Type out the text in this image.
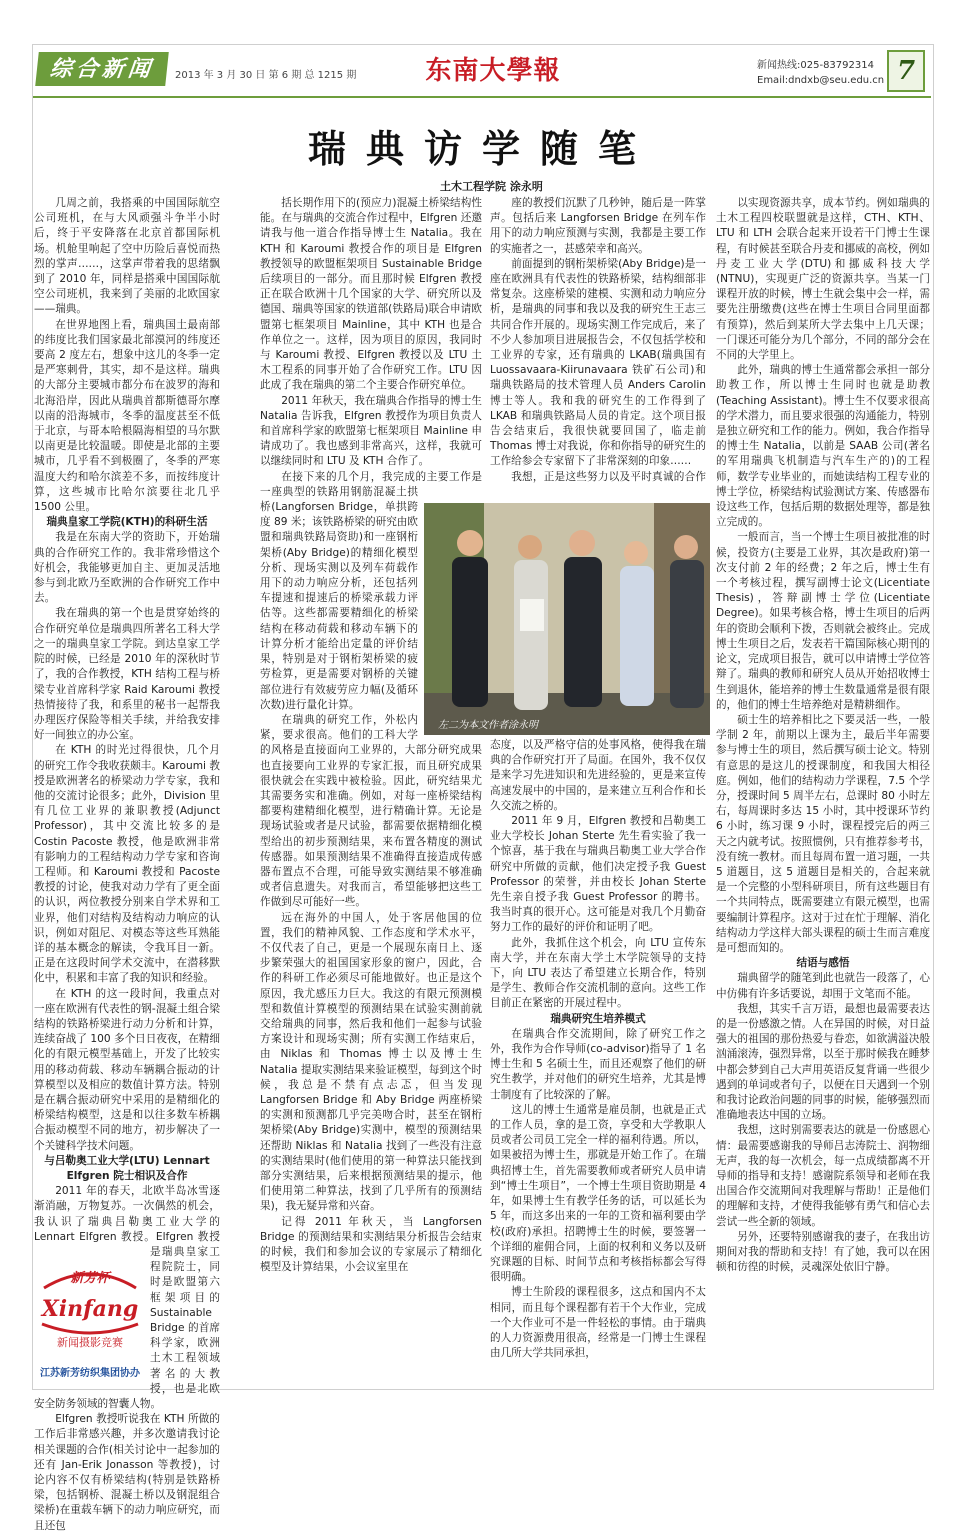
综合新闻	2013 年 3 月 30 日 第 6 期 总 1215 期	东南大學報	新闻热线:025-83792314
Email:dndxb@seu.edu.cn 7
瑞典访学随笔
土木工程学院 涂永明

几周之前，我搭乘的中国国际航空公司班机，在与大风顽强斗争半小时后，终于平安降落在北京首都国际机场。机舱里响起了空中历险后喜悦而热烈的掌声……，这掌声带着我的思绪飘到了 2010 年，同样是搭乘中国国际航空公司班机，我来到了美丽的北欧国家——瑞典。

在世界地图上看，瑞典国土最南部的纬度比我们国家最北部漠河的纬度还要高 2 度左右，想象中这儿的冬季一定是严寒刺骨，其实，却不是这样。瑞典的大部分主要城市都分布在波罗的海和北海沿岸，因此从瑞典首都斯德哥尔摩以南的沿海城市，冬季的温度甚至不低于北京，与哥本哈根隔海相望的马尔默以南更是比较温暖。即使是北部的主要城市，几乎看不到极圈了，冬季的严寒温度大约和哈尔滨差不多，而按纬度计算，这些城市比哈尔滨要往北几乎 1500 公里。

瑞典皇家工学院(KTH)的科研生活

我是在东南大学的资助下，开始瑞典的合作研究工作的。我非常珍惜这个好机会，我能够更加自主、更加灵活地参与到北欧乃至欧洲的合作研究工作中去。

我在瑞典的第一个也是贯穿始终的合作研究单位是瑞典四所著名工科大学之一的瑞典皇家工学院。到达皇家工学院的时候，已经是 2010 年的深秋时节了，我的合作教授，KTH 结构工程与桥梁专业首席科学家 Raid Karoumi 教授热情接待了我，和系里的秘书一起帮我办理医疗保险等相关手续，并给我安排好一间独立的办公室。

在 KTH 的时光过得很快，几个月的研究工作令我收获颇丰。Karoumi 教授是欧洲著名的桥梁动力学专家，我和他的交流讨论很多；此外，Division 里有几位工业界的兼职教授(Adjunct Professor)，其中交流比较多的是 Costin Pacoste 教授，他是欧洲非常有影响力的工程结构动力学专家和咨询工程师。和 Karoumi 教授和 Pacoste 教授的讨论，使我对动力学有了更全面的认识，两位教授分别来自学术界和工业界，他们对结构及结构动力响应的认识，例如对阻尼、对模态等这些耳熟能详的基本概念的解读，令我耳目一新。正是在这段时间学术交流中，在潜移默化中，积累和丰富了我的知识和经验。

在 KTH 的这一段时间，我重点对一座在欧洲有代表性的钢-混凝土组合梁结构的铁路桥梁进行动力分析和计算，连续奋战了 100 多个日日夜夜，在精细化的有限元模型基础上，开发了比较实用的移动荷载、移动车辆耦合振动的计算模型以及相应的数值计算方法。特别是在耦合振动研究中采用的是精细化的桥梁结构模型，这是和以往多数车桥耦合振动模型不同的地方，初步解决了一个关键科学技术问题。

与吕勒奥工业大学(LTU) Lennart Elfgren 院士相识及合作

2011 年的春天，北欧半岛冰雪逐渐消融，万物复苏。一次偶然的机会，我认识了瑞典吕勒奥工业大学的 Lennart Elfgren 教授。Elfgren 教授是瑞典皇家工程院院士，同时是欧盟第六框架项目的 Sustainable Bridge 的首席科学家，欧洲土木工程领域著名的大教授，也是北欧安全防务领域的智囊人物。

Elfgren 教授听说我在 KTH 所做的工作后非常感兴趣，并多次邀请我讨论相关课题的合作(相关讨论中一起参加的还有 Jan-Erik Jonasson 等教授)，讨论内容不仅有桥梁结构(特别是铁路桥梁，包括钢桥、混凝土桥以及钢混组合梁桥)在重载车辆下的动力响应研究，而且还包

括长期作用下的(预应力)混凝土桥梁结构性能。在与瑞典的交流合作过程中，Elfgren 还邀请我与他一道合作指导博士生 Natalia。我在 KTH 和 Karoumi 教授合作的项目是 Elfgren 教授领导的欧盟框架项目 Sustainable Bridge 后续项目的一部分。而且那时候 Elfgren 教授正在联合欧洲十几个国家的大学、研究所以及德国、瑞典等国家的铁道部(铁路局)联合申请欧盟第七框架项目 Mainline，其中 KTH 也是合作单位之一。这样，因为项目的原因，我同时与 Karoumi 教授、Elfgren 教授以及 LTU 土木工程系的同事开始了合作研究工作。LTU 因此成了我在瑞典的第二个主要合作研究单位。

2011 年秋天，我在瑞典合作指导的博士生 Natalia 告诉我，Elfgren 教授作为项目负责人和首席科学家的欧盟第七框架项目 Mainline 申请成功了。我也感到非常高兴，这样，我就可以继续同时和 LTU 及 KTH 合作了。

在接下来的几个月，我完成的主要工作是一座典型的铁路用钢筋混凝土拱桥(Langforsen Bridge，单拱跨度 89 米；该铁路桥梁的研究由欧盟和瑞典铁路局资助)和一座钢桁架桥(Aby Bridge)的精细化模型分析、现场实测以及列车荷载作用下的动力响应分析，还包括列车提速和提速后的桥梁承载力评估等。这些都需要精细化的桥梁结构在移动荷载和移动车辆下的计算分析才能给出定量的评价结果，特别是对于钢桁架桥梁的疲劳检算，更是需要对钢桥的关键部位进行有效疲劳应力幅(及循环次数)进行量化计算。

在瑞典的研究工作，外松内紧，要求很高。他们的工科大学的风格是直接面向工业界的，大部分研究成果也直接要向工业界的专家汇报，而且研究成果很快就会在实践中被检验。因此，研究结果尤其需要务实和准确。例如，对每一座桥梁结构都要构建精细化模型，进行精确计算。无论是现场试验或者是尺试验，都需要依据精细化模型给出的初步预测结果，来布置各精度的测试传感器。如果预测结果不准确得直接造成传感器布置点不合理，可能导致实测结果不够准确或者信息遗失。对我而言，希望能够把这些工作做到尽可能好一些。

远在海外的中国人，处于客居他国的位置，我们的精神风貌、工作态度和学术水平，不仅代表了自己，更是一个展现东南日上、逐步繁荣强大的祖国国家形象的窗户，因此，合作的科研工作必须尽可能地做好。也正是这个原因，我尤感压力巨大。我这的有限元预测模型和数值计算模型的预测结果在试验实测前就交给瑞典的同事，然后我和他们一起参与试验方案设计和现场实测；所有实测工作结束后，由 Niklas 和 Thomas 博士以及博士生 Natalia 提取实测结果来验证模型，每到这个时候，我总是不禁有点忐忑，但当发现 Langforsen Bridge 和 Aby Bridge 两座桥梁的实测和预测都几乎完美吻合时，甚至在钢桁架桥梁(Aby Bridge)实测中，模型的预测结果还帮助 Niklas 和 Natalia 找到了一些没有注意的实测结果时(他们使用的第一种算法只能找到部分实测结果，后来根据预测结果的提示，他们使用第二种算法，找到了几乎所有的预测结果)，我无疑异常和兴奋。

记得 2011 年秋天，当 Langforsen Bridge 的预测结果和实测结果分析报告会结束的时候，我们和参加会议的专家展示了精细化模型及计算结果，小会议室里在

座的教授们沉默了几秒钟，随后是一阵掌声。包括后来 Langforsen Bridge 在列车作用下的动力响应预测与实测，我都是主要工作的实施者之一，甚感荣幸和高兴。

前面提到的钢桁架桥梁(Aby Bridge)是一座在欧洲具有代表性的铁路桥梁，结构细部非常复杂。这座桥梁的建模、实测和动力响应分析，是瑞典的同事和我以及我的研究生王志三共同合作开展的。现场实测工作完成后，来了不少人参加项目进展报告会，不仅包括学校和工业界的专家，还有瑞典的 LKAB(瑞典国有 Luossavaara-Kiirunavaara 铁矿石公司)和瑞典铁路局的技术管理人员 Anders Carolin 博士等人。我和我的研究生的工作得到了 LKAB 和瑞典铁路局人员的肯定。这个项目报告会结束后，我很快就要回国了，临走前 Thomas 博士对我说，你和你指导的研究生的工作给参会专家留下了非常深刻的印象……

我想，正是这些努力以及平时真诚的合作态度，以及严格守信的处事风格，使得我在瑞典的合作研究打开了局面。在国外，我不仅仅是来学习先进知识和先进经验的，更是来宣传高速发展中的中国的，是来建立互利合作和长久交流之桥的。

2011 年 9 月，Elfgren 教授和吕勒奥工业大学校长 Johan Sterte 先生看实验了我一个惊喜，基于我在与瑞典吕勒奥工业大学合作研究中所做的贡献，他们决定授予我 Guest Professor 的荣誉，并由校长 Johan Sterte 先生亲自授予我 Guest Professor 的聘书。我当时真的很开心。这可能是对我几个月勤奋努力工作的最好的评价和证明了吧。

此外，我抓住这个机会，向 LTU 宣传东南大学，并在东南大学土木学院领导的支持下，向 LTU 表达了希望建立长期合作，特别是学生、教师合作交流机制的意向。这些工作目前正在紧密的开展过程中。

瑞典研究生培养模式

在瑞典合作交流期间，除了研究工作之外，我作为合作导师(co-advisor)指导了 1 名博士生和 5 名硕士生，而且还观察了他们的研究生教学，并对他们的研究生培养，尤其是博士制度有了比较深的了解。

这儿的博士生通常是雇员制，也就是正式的工作人员，拿的是工资，享受和大学教职人员或者公司员工完全一样的福利待遇。所以，如果被招为博士生，那就是开始工作了。在瑞典招博士生，首先需要教师或者研究人员申请到“博士生项目”，一个博士生项目资助期是 4 年，如果博士生有教学任务的话，可以延长为 5 年，而这多出来的一年的工资和福利要由学校(政府)承担。招聘博士生的时候，要签署一个详细的雇佣合同，上面的权利和义务以及研究课题的目标、时间节点和考核指标都会写得很明确。

博士生阶段的课程很多，这点和国内不太相同，而且每个课程都有若干个大作业，完成一个大作业可不是一件轻松的事情。由于瑞典的人力资源费用很高，经常是一门博士生课程由几所大学共同承担，

以实现资源共享，成本节约。例如瑞典的土木工程四校联盟就是这样，CTH、KTH、LTU 和 LTH 会联合起来开设若干门博士生课程，有时候甚至联合丹麦和挪威的高校，例如丹麦工业大学(DTU)和挪威科技大学(NTNU)，实现更广泛的资源共享。当某一门课程开放的时候，博士生就会集中会一样，需要先注册缴费(这些在博士生项目合同里面都有预算)，然后到某所大学去集中上几天课；一门课还可能分为几个部分，不同的部分会在不同的大学里上。

此外，瑞典的博士生通常都会承担一部分助教工作，所以博士生同时也就是助教(Teaching Assistant)。博士生不仅要求很高的学术潜力，而且要求很强的沟通能力，特别是独立研究和工作的能力。例如，我合作指导的博士生 Natalia，以前是 SAAB 公司(著名的军用瑞典飞机制造与汽车生产的)的工程师，数学专业毕业的，而她读结构工程专业的博士学位，桥梁结构试验测试方案、传感器布设这些工作，包括后期的数据处理等，都是独立完成的。

一般而言，当一个博士生项目被批准的时候，投资方(主要是工业界，其次是政府)第一次支付前 2 年的经费；2 年之后，博士生有一个考核过程，撰写副博士论文(Licentiate Thesis)，答辩副博士学位(Licentiate Degree)。如果考核合格，博士生项目的后两年的资助会顺利下拨，否则就会被终止。完成博士生项目之后，发表若干篇国际核心期刊的论文，完成项目报告，就可以申请博士学位答辩了。瑞典的教师和研究人员从开始招收博士生到退休，能培养的博士生数量通常是很有限的，他们的博士生培养绝对是精耕细作。

硕士生的培养相比之下要灵活一些，一般学制 2 年，前期以上课为主，最后半年需要参与博士生的项目，然后撰写硕士论文。特别有意思的是这儿的授课制度，和我国大相径庭。例如，他们的结构动力学课程，7.5 个学分，授课时间 5 周半左右，总课时 80 小时左右，每周课时多达 15 小时，其中授课环节约 6 小时，练习课 9 小时，课程授完后的两三天之内就考试。按照惯例，只有推荐参考书，没有统一教材。而且每周布置一道习题，一共 5 道题目，这 5 道题目是相关的，合起来就是一个完整的小型科研项目，所有这些题目有一个共同特点，既需要建立有限元模型，也需要编制计算程序。这对于过在忙于理解、消化结构动力学这样大部头课程的硕士生而言难度是可想而知的。

结语与感悟

瑞典留学的随笔到此也就告一段落了，心中仿佛有许多话要说，却围于文笔而不能。

我想，其实千言万语，最想也最需要表达的是一份感激之情。人在异国的时候，对日益强大的祖国的那份热爱与眷恋，如欲满溢决般汹涌滚涛，强烈异常，以至于那时候我在睡梦中都会梦到自己大声用英语反复背诵一些很少遇到的单词或者句子，以便在日天遇到一个别和我讨论政治问题的同事的时候，能够强烈而准确地表达中国的立场。

我想，这时别需要表达的就是一份感恩心情：最需要感谢我的导师吕志涛院士、润物细无声，我的每一次机会，每一点成绩都离不开导师的指导和支持！感谢院系领导和老师在我出国合作交流期间对我理解与帮助！正是他们的理解和支持，才使得我能够有勇气和信心去尝试一些全新的领域。

另外，还要特别感谢我的妻子，在我出访期间对我的帮助和支持！有了她，我可以在困顿和彷徨的时候，灵魂深处依旧宁静。

左二为本文作者涂永明
新芳杯
Xinfang
新闻摄影竞赛
江苏新芳纺织集团协办
